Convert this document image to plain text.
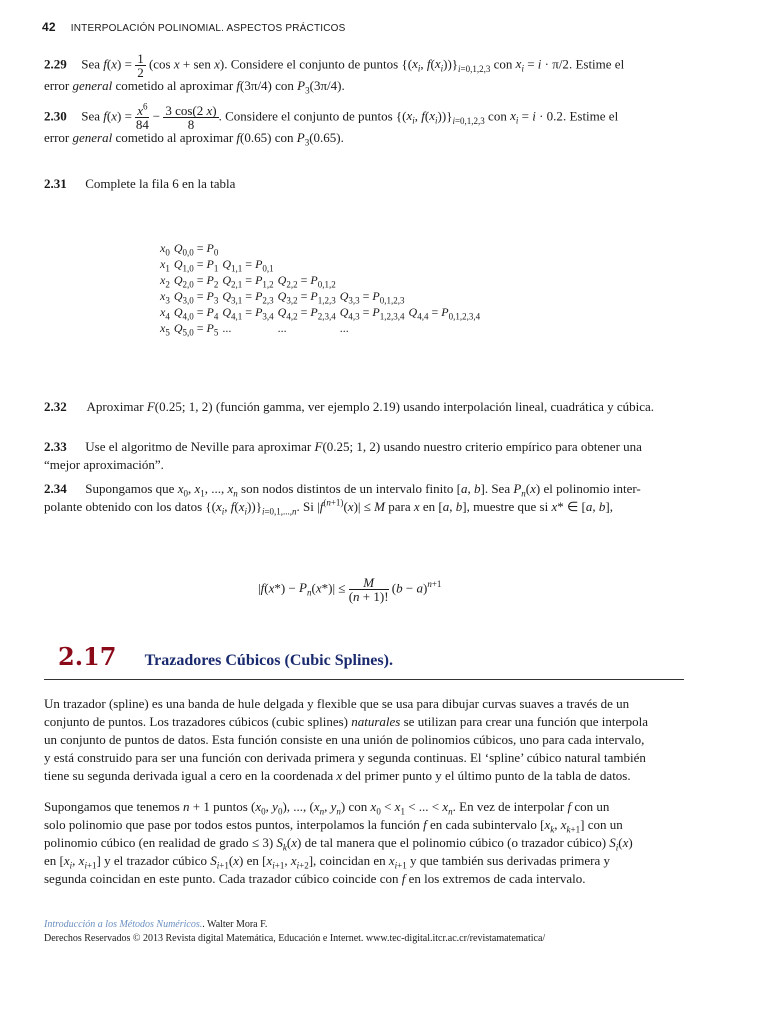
42 INTERPOLACIÓN POLINOMIAL. ASPECTOS PRÁCTICOS
2.29 Sea $f(x) = \frac{1}{2} (\cos$ x + sen x). Considere el conjunto de puntos {($x_i$, $f(x_i))\}_{i=0,1,2,3}$ con $x_i = i \cdot \pi/2$. Estime el
error general cometido al aproximar f(3π/4) con $P_3(3\pi/4)$.
2.30 Sea $f(x) = \frac{x^6}{84} - \frac{3 \cos(2 x)}{8}$ . Considere el conjunto de puntos {($x_i$, $f(x_i))\}_{i=0,1,2,3}$ con $x_i = i \cdot 0.2$. Estime el
error general cometido al aproximar f(0.65) con $P_3(0.65)$.
2.31 Complete la fila 6 en la tabla
$x_0$	$Q_{0,0} = P_0$				
$x_1$	$Q_{1,0} = P_1$	$Q_{1,1} = P_{0,1}$			
$x_2$	$Q_{2,0} = P_2$	$Q_{2,1} = P_{1,2}$	$Q_{2,2} = P_{0,1,2}$		
$x_3$	$Q_{3,0} = P_3$	$Q_{3,1} = P_{2,3}$	$Q_{3,2} = P_{1,2,3}$	$Q_{3,3} = P_{0,1,2,3}$	
$x_4$	$Q_{4,0} = P_4$	$Q_{4,1} = P_{3,4}$	$Q_{4,2} = P_{2,3,4}$	$Q_{4,3} = P_{1,2,3,4}$	$Q_{4,4} = P_{0,1,2,3,4}$
$x_5$	$Q_{5,0} = P_5$	...	...	...	
2.32 Aproximar F(0.25; 1, 2) (función gamma, ver ejemplo 2.19) usando interpolación lineal, cuadrática y cúbica.
2.33 Use el algoritmo de Neville para aproximar F(0.25; 1, 2) usando nuestro criterio empírico para obtener una
“mejor aproximación”.
2.34 Supongamos que $x_0$, $x_1$, ..., $x_n$ son nodos distintos de un intervalo finito [a, b]. Sea $P_n(x)$ el polinomio inter-
polante obtenido con los datos {($x_i$, $f(x_i))\}_{i=0,1,...,n}$. Si $|f^{(n+1)}(x)| \le M$ para x en [a, b], muestre que si x* ∈ [a, b],
$|f(x*) - P_n(x*)| \le \frac{M}{(n + 1)!} (b - a)^{n+1}$
2.17 Trazadores Cúbicos (Cubic Splines).
Un trazador (spline) es una banda de hule delgada y flexible que se usa para dibujar curvas suaves a través de un
conjunto de puntos. Los trazadores cúbicos (cubic splines) naturales se utilizan para crear una función que interpola
un conjunto de puntos de datos. Esta función consiste en una unión de polinomios cúbicos, uno para cada intervalo,
y está construido para ser una función con derivada primera y segunda continuas. El ‘spline’ cúbico natural también
tiene su segunda derivada igual a cero en la coordenada x del primer punto y el último punto de la tabla de datos.
Supongamos que tenemos n + 1 puntos ($x_0$, $y_0$), ..., ($x_n$, $y_n$) con $x_0 < x_1$ < ... < $x_n$. En vez de interpolar f con un
solo polinomio que pase por todos estos puntos, interpolamos la función f en cada subintervalo [$x_k$, $x_{k+1}$] con un
polinomio cúbico (en realidad de grado ≤ 3) $S_k(x)$ de tal manera que el polinomio cúbico (o trazador cúbico) $S_i(x)$
en [$x_i$, $x_{i+1}$] y el trazador cúbico $S_{i+1}(x)$ en [$x_{i+1}$, $x_{i+2}$], coincidan en $x_{i+1}$ y que también sus derivadas primera y
segunda coincidan en este punto. Cada trazador cúbico coincide con f en los extremos de cada intervalo.
Introducción a los Métodos Numéricos.. Walter Mora F.
Derechos Reservados © 2013 Revista digital Matemática, Educación e Internet. www.tec-digital.itcr.ac.cr/revistamatematica/
